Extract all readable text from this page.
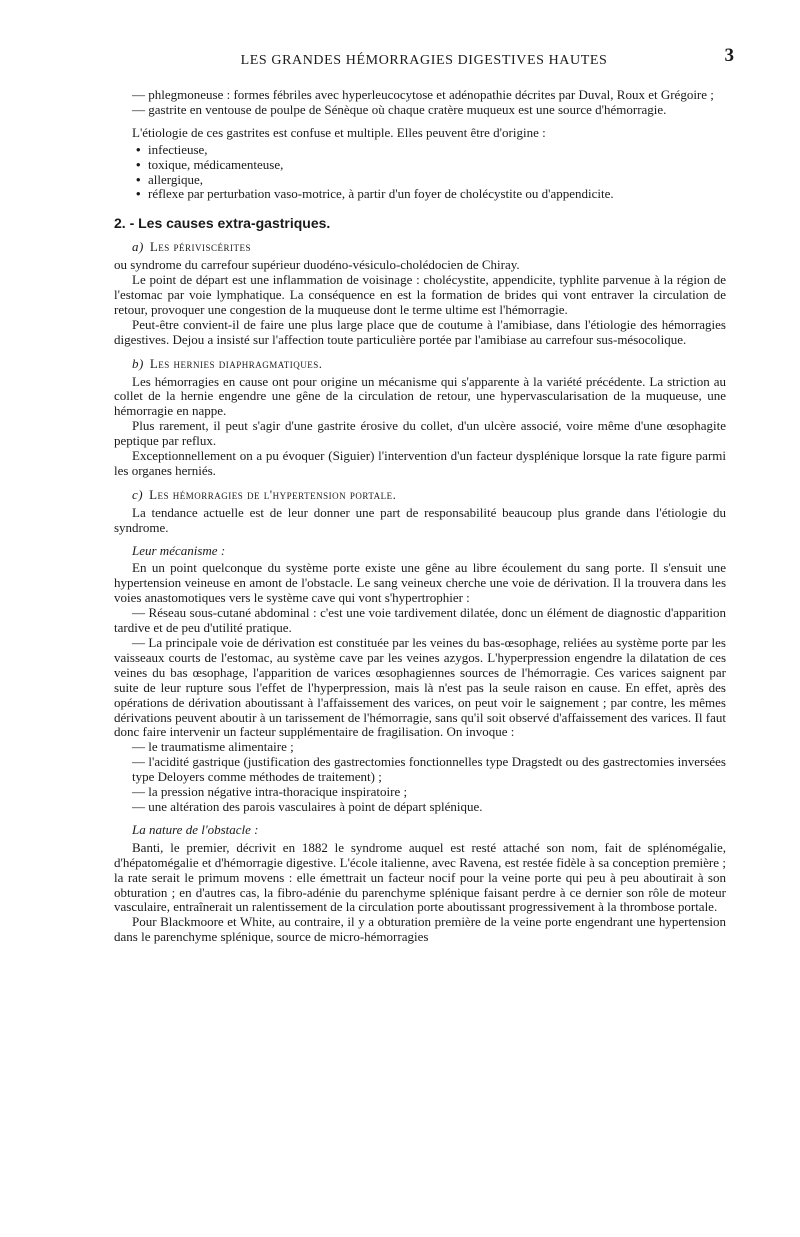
LES GRANDES HÉMORRAGIES DIGESTIVES HAUTES	3

— phlegmoneuse : formes fébriles avec hyperleucocytose et adénopathie décrites par Duval, Roux et Grégoire ;

— gastrite en ventouse de poulpe de Sénèque où chaque cratère muqueux est une source d'hémorragie.

L'étiologie de ces gastrites est confuse et multiple. Elles peuvent être d'origine :

• infectieuse,
• toxique, médicamenteuse,
• allergique,
• réflexe par perturbation vaso-motrice, à partir d'un foyer de cholécystite ou d'appendicite.
2. - Les causes extra-gastriques.
a) Les périviscérites

ou syndrome du carrefour supérieur duodéno-vésiculo-cholédocien de Chiray.

Le point de départ est une inflammation de voisinage : cholécystite, appendicite, typhlite parvenue à la région de l'estomac par voie lymphatique. La conséquence en est la formation de brides qui vont entraver la circulation de retour, provoquer une congestion de la muqueuse dont le terme ultime est l'hémorragie.

Peut-être convient-il de faire une plus large place que de coutume à l'amibiase, dans l'étiologie des hémorragies digestives. Dejou a insisté sur l'affection toute particulière portée par l'amibiase au carrefour sus-mésocolique.

b) Les hernies diaphragmatiques.

Les hémorragies en cause ont pour origine un mécanisme qui s'apparente à la variété précédente. La striction au collet de la hernie engendre une gêne de la circulation de retour, une hypervascularisation de la muqueuse, une hémorragie en nappe.

Plus rarement, il peut s'agir d'une gastrite érosive du collet, d'un ulcère associé, voire même d'une œsophagite peptique par reflux.

Exceptionnellement on a pu évoquer (Siguier) l'intervention d'un facteur dysplénique lorsque la rate figure parmi les organes herniés.

c) Les hémorragies de l'hypertension portale.

La tendance actuelle est de leur donner une part de responsabilité beaucoup plus grande dans l'étiologie du syndrome.

Leur mécanisme :

En un point quelconque du système porte existe une gêne au libre écoulement du sang porte. Il s'ensuit une hypertension veineuse en amont de l'obstacle. Le sang veineux cherche une voie de dérivation. Il la trouvera dans les voies anastomotiques vers le système cave qui vont s'hypertrophier :

— Réseau sous-cutané abdominal : c'est une voie tardivement dilatée, donc un élément de diagnostic d'apparition tardive et de peu d'utilité pratique.

— La principale voie de dérivation est constituée par les veines du bas-œsophage, reliées au système porte par les vaisseaux courts de l'estomac, au système cave par les veines azygos. L'hyperpression engendre la dilatation de ces veines du bas œsophage, l'apparition de varices œsophagiennes sources de l'hémorragie. Ces varices saignent par suite de leur rupture sous l'effet de l'hyperpression, mais là n'est pas la seule raison en cause. En effet, après des opérations de dérivation aboutissant à l'affaissement des varices, on peut voir le saignement ; par contre, les mêmes dérivations peuvent aboutir à un tarissement de l'hémorragie, sans qu'il soit observé d'affaissement des varices. Il faut donc faire intervenir un facteur supplémentaire de fragilisation. On invoque :

— le traumatisme alimentaire ;

— l'acidité gastrique (justification des gastrectomies fonctionnelles type Dragstedt ou des gastrectomies inversées type Deloyers comme méthodes de traitement) ;

— la pression négative intra-thoracique inspiratoire ;

— une altération des parois vasculaires à point de départ splénique.

La nature de l'obstacle :

Banti, le premier, décrivit en 1882 le syndrome auquel est resté attaché son nom, fait de splénomégalie, d'hépatomégalie et d'hémorragie digestive. L'école italienne, avec Ravena, est restée fidèle à sa conception première ; la rate serait le primum movens : elle émettrait un facteur nocif pour la veine porte qui peu à peu aboutirait à son obturation ; en d'autres cas, la fibro-adénie du parenchyme splénique faisant perdre à ce dernier son rôle de moteur vasculaire, entraînerait un ralentissement de la circulation porte aboutissant progressivement à la thrombose portale.

Pour Blackmoore et White, au contraire, il y a obturation première de la veine porte engendrant une hypertension dans le parenchyme splénique, source de micro-hémorragies
